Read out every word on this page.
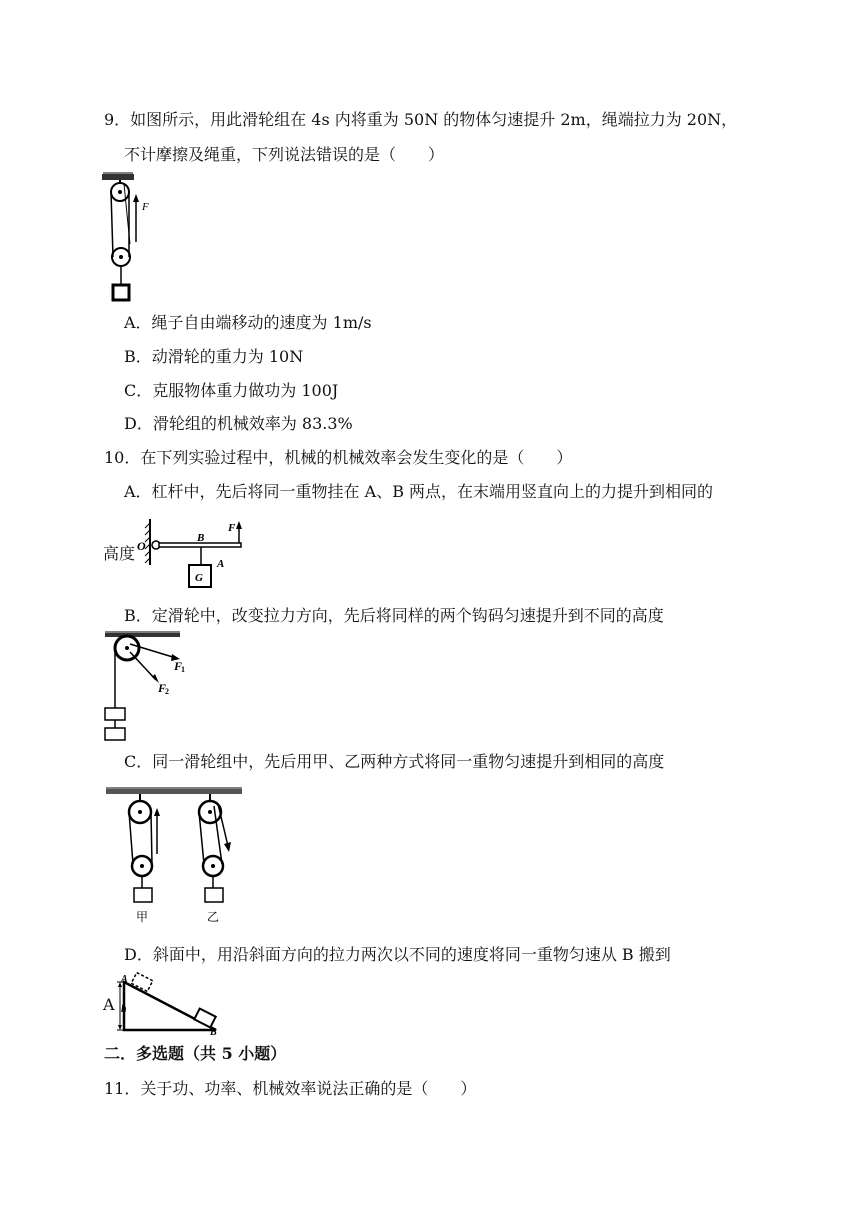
9．如图所示，用此滑轮组在 4s 内将重为 50N 的物体匀速提升 2m，绳端拉力为 20N，
不计摩擦及绳重，下列说法错误的是（　　）
F
A．绳子自由端移动的速度为 1m/s
B．动滑轮的重力为 10N
C．克服物体重力做功为 100J
D．滑轮组的机械效率为 83.3%
10．在下列实验过程中，机械的机械效率会发生变化的是（　　）
A．杠杆中，先后将同一重物挂在 A、B 两点，在末端用竖直向上的力提升到相同的
高度 O
F
B
G
A
B．定滑轮中，改变拉力方向，先后将同样的两个钩码匀速提升到不同的高度
F
1
F
2
C．同一滑轮组中，先后用甲、乙两种方式将同一重物匀速提升到相同的高度
甲	乙
D．斜面中，用沿斜面方向的拉力两次以不同的速度将同一重物匀速从 B 搬到
A
A
h
B
二．多选题（共 5 小题）
11．关于功、功率、机械效率说法正确的是（　　）
